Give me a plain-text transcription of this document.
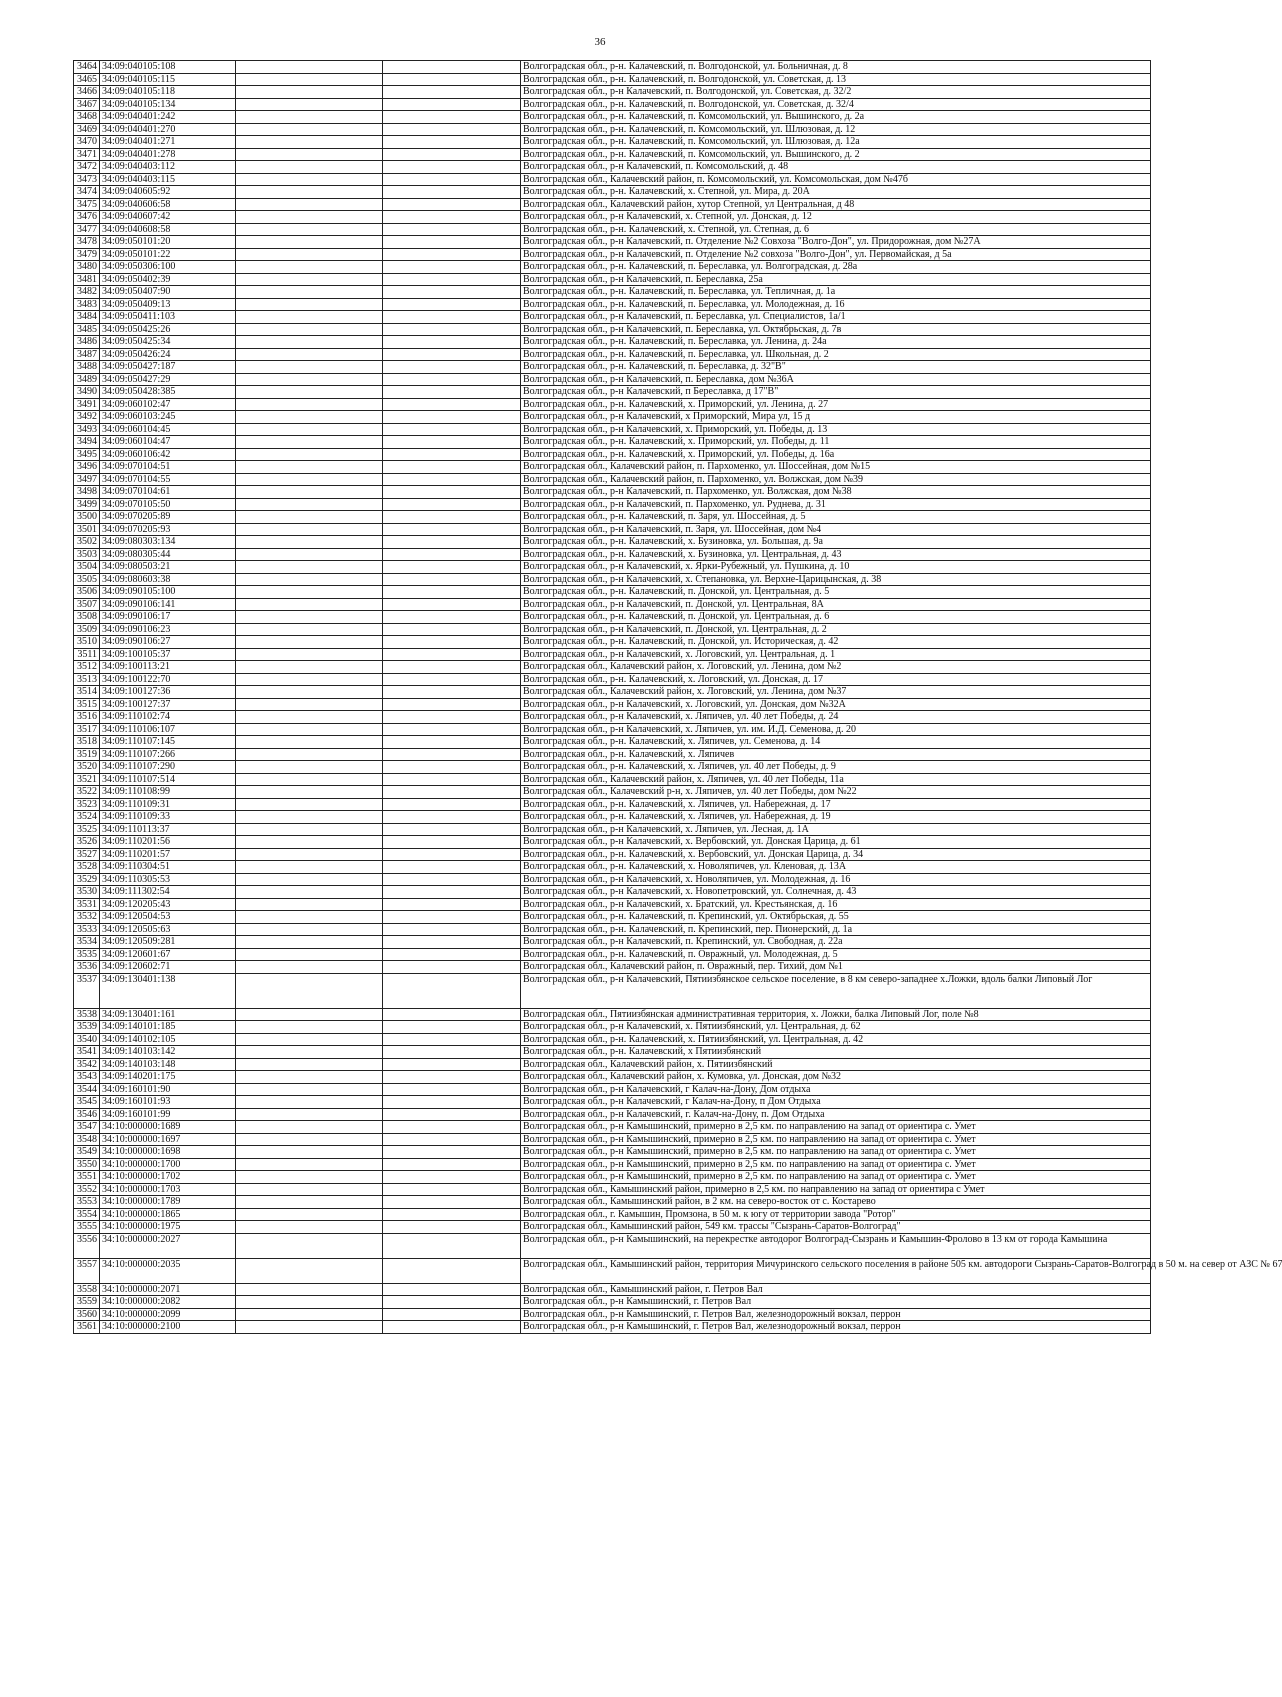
36
3464	34:09:040105:108			Волгоградская обл., р-н. Калачевский, п. Волгодонской, ул. Больничная, д. 8
3465	34:09:040105:115			Волгоградская обл., р-н. Калачевский, п. Волгодонской, ул. Советская, д. 13
3466	34:09:040105:118			Волгоградская обл., р-н Калачевский, п. Волгодонской, ул. Советская, д. 32/2
3467	34:09:040105:134			Волгоградская обл., р-н. Калачевский, п. Волгодонской, ул. Советская, д. 32/4
3468	34:09:040401:242			Волгоградская обл., р-н. Калачевский, п. Комсомольский, ул. Вышинского, д. 2а
3469	34:09:040401:270			Волгоградская обл., р-н. Калачевский, п. Комсомольский, ул. Шлюзовая, д. 12
3470	34:09:040401:271			Волгоградская обл., р-н. Калачевский, п. Комсомольский, ул. Шлюзовая, д. 12а
3471	34:09:040401:278			Волгоградская обл., р-н. Калачевский, п. Комсомольский, ул. Вышинского, д. 2
3472	34:09:040403:112			Волгоградская обл., р-н Калачевский, п. Комсомольский, д. 48
3473	34:09:040403:115			Волгоградская обл., Калачевский район, п. Комсомольский, ул. Комсомольская, дом №47б
3474	34:09:040605:92			Волгоградская обл., р-н. Калачевский, х. Степной, ул. Мира, д. 20А
3475	34:09:040606:58			Волгоградская обл., Калачевский район, хутор Степной, ул Центральная, д 48
3476	34:09:040607:42			Волгоградская обл., р-н Калачевский, х. Степной, ул. Донская, д. 12
3477	34:09:040608:58			Волгоградская обл., р-н. Калачевский, х. Степной, ул. Степная, д. 6
3478	34:09:050101:20			Волгоградская обл., р-н Калачевский, п. Отделение №2 Совхоза "Волго-Дон", ул. Придорожная, дом №27А
3479	34:09:050101:22			Волгоградская обл., р-н Калачевский, п. Отделение №2 совхоза "Волго-Дон", ул. Первомайская, д 5а
3480	34:09:050306:100			Волгоградская обл., р-н. Калачевский, п. Береславка, ул. Волгоградская, д. 28а
3481	34:09:050402:39			Волгоградская обл., р-н Калачевский, п. Береславка, 25а
3482	34:09:050407:90			Волгоградская обл., р-н. Калачевский, п. Береславка, ул. Тепличная, д. 1а
3483	34:09:050409:13			Волгоградская обл., р-н. Калачевский, п. Береславка, ул. Молодежная, д. 16
3484	34:09:050411:103			Волгоградская обл., р-н Калачевский, п. Береславка, ул. Специалистов, 1а/1
3485	34:09:050425:26			Волгоградская обл., р-н Калачевский, п. Береславка, ул. Октябрьская, д. 7в
3486	34:09:050425:34			Волгоградская обл., р-н. Калачевский, п. Береславка, ул. Ленина, д. 24а
3487	34:09:050426:24			Волгоградская обл., р-н. Калачевский, п. Береславка, ул. Школьная, д. 2
3488	34:09:050427:187			Волгоградская обл., р-н. Калачевский, п. Береславка, д. 32"В"
3489	34:09:050427:29			Волгоградская обл., р-н Калачевский, п. Береславка, дом №36А
3490	34:09:050428:385			Волгоградская обл., р-н Калачевский, п Береславка, д 17"В"
3491	34:09:060102:47			Волгоградская обл., р-н. Калачевский, х. Приморский, ул. Ленина, д. 27
3492	34:09:060103:245			Волгоградская обл., р-н Калачевский, х Приморский, Мира ул, 15 д
3493	34:09:060104:45			Волгоградская обл., р-н Калачевский, х. Приморский, ул. Победы, д. 13
3494	34:09:060104:47			Волгоградская обл., р-н. Калачевский, х. Приморский, ул. Победы, д. 11
3495	34:09:060106:42			Волгоградская обл., р-н. Калачевский, х. Приморский, ул. Победы, д. 16а
3496	34:09:070104:51			Волгоградская обл., Калачевский район, п. Пархоменко, ул. Шоссейная, дом №15
3497	34:09:070104:55			Волгоградская обл., Калачевский район, п. Пархоменко, ул. Волжская, дом №39
3498	34:09:070104:61			Волгоградская обл., р-н Калачевский, п. Пархоменко, ул. Волжская, дом №38
3499	34:09:070105:50			Волгоградская обл., р-н Калачевский, п. Пархоменко, ул. Руднева, д. 31
3500	34:09:070205:89			Волгоградская обл., р-н. Калачевский, п. Заря, ул. Шоссейная, д. 5
3501	34:09:070205:93			Волгоградская обл., р-н Калачевский, п. Заря, ул. Шоссейная, дом №4
3502	34:09:080303:134			Волгоградская обл., р-н. Калачевский, х. Бузиновка, ул. Большая, д. 9а
3503	34:09:080305:44			Волгоградская обл., р-н. Калачевский, х. Бузиновка, ул. Центральная, д. 43
3504	34:09:080503:21			Волгоградская обл., р-н Калачевский, х. Ярки-Рубежный, ул. Пушкина, д. 10
3505	34:09:080603:38			Волгоградская обл., р-н Калачевский, х. Степановка, ул. Верхне-Царицынская, д. 38
3506	34:09:090105:100			Волгоградская обл., р-н. Калачевский, п. Донской, ул. Центральная, д. 5
3507	34:09:090106:141			Волгоградская обл., р-н Калачевский, п. Донской, ул. Центральная, 8А
3508	34:09:090106:17			Волгоградская обл., р-н. Калачевский, п. Донской, ул. Центральная, д. 6
3509	34:09:090106:23			Волгоградская обл., р-н Калачевский, п. Донской, ул. Центральная, д. 2
3510	34:09:090106:27			Волгоградская обл., р-н. Калачевский, п. Донской, ул. Историческая, д. 42
3511	34:09:100105:37			Волгоградская обл., р-н Калачевский, х. Логовский, ул. Центральная, д. 1
3512	34:09:100113:21			Волгоградская обл., Калачевский район, х. Логовский, ул. Ленина, дом №2
3513	34:09:100122:70			Волгоградская обл., р-н. Калачевский, х. Логовский, ул. Донская, д. 17
3514	34:09:100127:36			Волгоградская обл., Калачевский район, х. Логовский, ул. Ленина, дом №37
3515	34:09:100127:37			Волгоградская обл., р-н Калачевский, х. Логовский, ул. Донская, дом №32А
3516	34:09:110102:74			Волгоградская обл., р-н Калачевский, х. Ляпичев, ул. 40 лет Победы, д. 24
3517	34:09:110106:107			Волгоградская обл., р-н Калачевский, х. Ляпичев, ул. им. И.Д. Семенова, д. 20
3518	34:09:110107:145			Волгоградская обл., р-н. Калачевский, х. Ляпичев, ул. Семенова, д. 14
3519	34:09:110107:266			Волгоградская обл., р-н. Калачевский, х. Ляпичев
3520	34:09:110107:290			Волгоградская обл., р-н. Калачевский, х. Ляпичев, ул. 40 лет Победы, д. 9
3521	34:09:110107:514			Волгоградская обл., Калачевский район, х. Ляпичев, ул. 40 лет Победы, 11а
3522	34:09:110108:99			Волгоградская обл., Калачевский р-н, х. Ляпичев, ул. 40 лет Победы, дом №22
3523	34:09:110109:31			Волгоградская обл., р-н. Калачевский, х. Ляпичев, ул. Набережная, д. 17
3524	34:09:110109:33			Волгоградская обл., р-н. Калачевский, х. Ляпичев, ул. Набережная, д. 19
3525	34:09:110113:37			Волгоградская обл., р-н Калачевский, х. Ляпичев, ул. Лесная, д. 1А
3526	34:09:110201:56			Волгоградская обл., р-н Калачевский, х. Вербовский, ул. Донская Царица, д. 61
3527	34:09:110201:57			Волгоградская обл., р-н. Калачевский, х. Вербовский, ул. Донская Царица, д. 34
3528	34:09:110304:51			Волгоградская обл., р-н. Калачевский, х. Новоляпичев, ул. Кленовая, д. 13А
3529	34:09:110305:53			Волгоградская обл., р-н Калачевский, х. Новоляпичев, ул. Молодежная, д. 16
3530	34:09:111302:54			Волгоградская обл., р-н Калачевский, х. Новопетровский, ул. Солнечная, д. 43
3531	34:09:120205:43			Волгоградская обл., р-н Калачевский, х. Братский, ул. Крестьянская, д. 16
3532	34:09:120504:53			Волгоградская обл., р-н. Калачевский, п. Крепинский, ул. Октябрьская, д. 55
3533	34:09:120505:63			Волгоградская обл., р-н. Калачевский, п. Крепинский, пер. Пионерский, д. 1а
3534	34:09:120509:281			Волгоградская обл., р-н Калачевский, п. Крепинский, ул. Свободная, д. 22а
3535	34:09:120601:67			Волгоградская обл., р-н. Калачевский, п. Овражный, ул. Молодежная, д. 5
3536	34:09:120602:71			Волгоградская обл., Калачевский район, п. Овражный, пер. Тихий, дом №1
3537	34:09:130401:138			Волгоградская обл., р-н Калачевский, Пятиизбянское сельское поселение, в 8 км северо-западнее х.Ложки, вдоль балки Липовый Лог
3538	34:09:130401:161			Волгоградская обл., Пятиизбянская административная территория, х. Ложки, балка Липовый Лог, поле №8
3539	34:09:140101:185			Волгоградская обл., р-н Калачевский, х. Пятиизбянский, ул. Центральная, д. 62
3540	34:09:140102:105			Волгоградская обл., р-н. Калачевский, х. Пятиизбянский, ул. Центральная, д. 42
3541	34:09:140103:142			Волгоградская обл., р-н. Калачевский, х Пятиизбянский
3542	34:09:140103:148			Волгоградская обл., Калачевский район, х. Пятиизбянский
3543	34:09:140201:175			Волгоградская обл., Калачевский район, х. Кумовка, ул. Донская, дом №32
3544	34:09:160101:90			Волгоградская обл., р-н Калачевский, г Калач-на-Дону, Дом отдыха
3545	34:09:160101:93			Волгоградская обл., р-н Калачевский, г Калач-на-Дону, п Дом Отдыха
3546	34:09:160101:99			Волгоградская обл., р-н Калачевский, г. Калач-на-Дону, п. Дом Отдыха
3547	34:10:000000:1689			Волгоградская обл., р-н Камышинский, примерно в 2,5 км. по направлению на запад от ориентира с. Умет
3548	34:10:000000:1697			Волгоградская обл., р-н Камышинский, примерно в 2,5 км. по направлению на запад от ориентира с. Умет
3549	34:10:000000:1698			Волгоградская обл., р-н Камышинский, примерно в 2,5 км. по направлению на запад от ориентира с. Умет
3550	34:10:000000:1700			Волгоградская обл., р-н Камышинский, примерно в 2,5 км. по направлению на запад от ориентира с. Умет
3551	34:10:000000:1702			Волгоградская обл., р-н Камышинский, примерно в 2,5 км. по направлению на запад от ориентира с. Умет
3552	34:10:000000:1703			Волгоградская обл., Камышинский район, примерно в 2,5 км. по направлению на запад от ориентира с Умет
3553	34:10:000000:1789			Волгоградская обл., Камышинский район, в 2 км. на северо-восток от с. Костарево
3554	34:10:000000:1865			Волгоградская обл., г. Камышин, Промзона, в 50 м. к югу от территории завода "Ротор"
3555	34:10:000000:1975			Волгоградская обл., Камышинский район, 549 км. трассы "Сызрань-Саратов-Волгоград"
3556	34:10:000000:2027			Волгоградская обл., р-н Камышинский, на перекрестке автодорог Волгоград-Сызрань и Камышин-Фролово в 13 км от города Камышина
3557	34:10:000000:2035			Волгоградская обл., Камышинский район, территория Мичуринского сельского поселения в районе 505 км. автодороги Сызрань-Саратов-Волгоград в 50 м. на север от АЗС № 67
3558	34:10:000000:2071			Волгоградская обл., Камышинский район, г. Петров Вал
3559	34:10:000000:2082			Волгоградская обл., р-н Камышинский, г. Петров Вал
3560	34:10:000000:2099			Волгоградская обл., р-н Камышинский, г. Петров Вал, железнодорожный вокзал, перрон
3561	34:10:000000:2100			Волгоградская обл., р-н Камышинский, г. Петров Вал, железнодорожный вокзал, перрон
